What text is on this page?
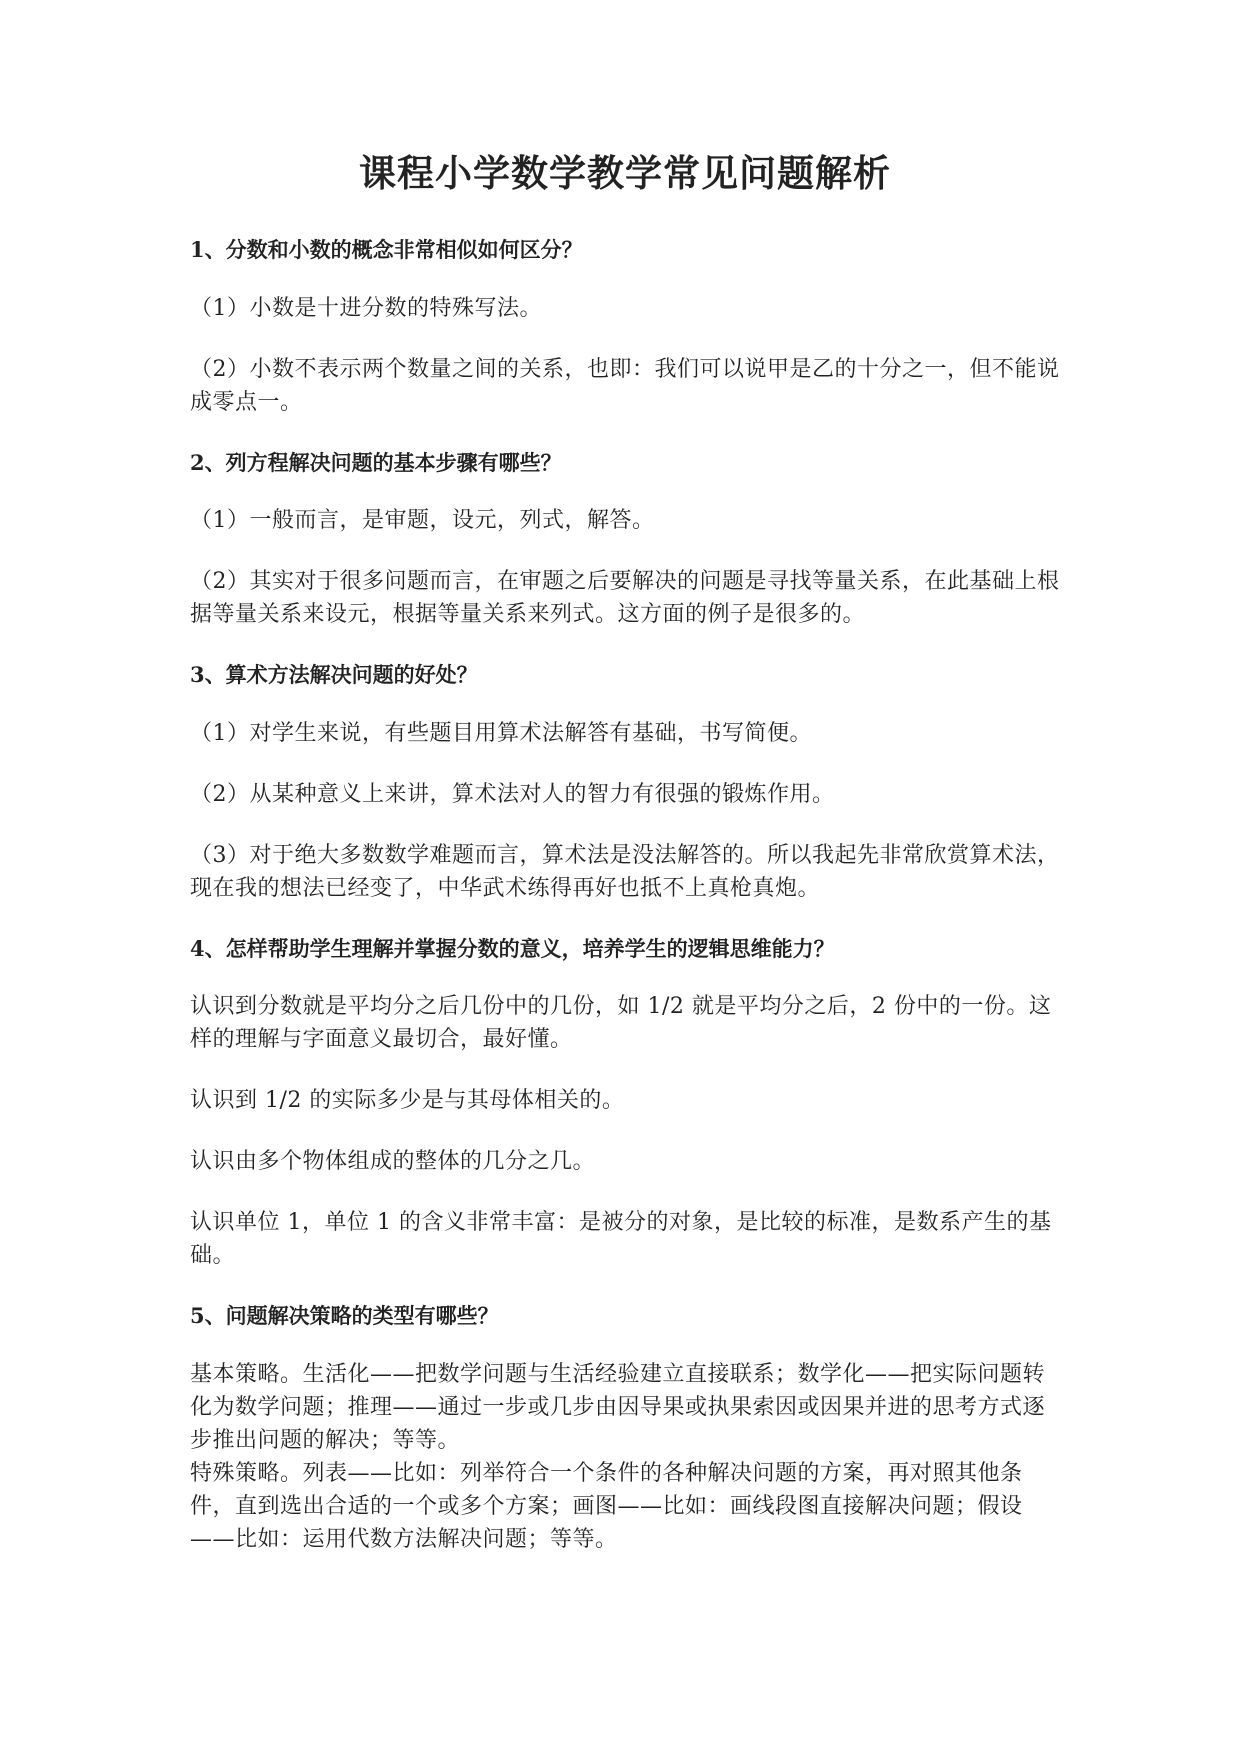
课程小学数学教学常见问题解析
1、分数和小数的概念非常相似如何区分？
（1）小数是十进分数的特殊写法。
（2）小数不表示两个数量之间的关系，也即：我们可以说甲是乙的十分之一，但不能说成零点一。
2、列方程解决问题的基本步骤有哪些？
（1）一般而言，是审题，设元，列式，解答。
（2）其实对于很多问题而言，在审题之后要解决的问题是寻找等量关系，在此基础上根据等量关系来设元，根据等量关系来列式。这方面的例子是很多的。
3、算术方法解决问题的好处？
（1）对学生来说，有些题目用算术法解答有基础，书写简便。
（2）从某种意义上来讲，算术法对人的智力有很强的锻炼作用。
（3）对于绝大多数数学难题而言，算术法是没法解答的。所以我起先非常欣赏算术法，现在我的想法已经变了，中华武术练得再好也抵不上真枪真炮。
4、怎样帮助学生理解并掌握分数的意义，培养学生的逻辑思维能力？
认识到分数就是平均分之后几份中的几份，如 1/2 就是平均分之后，2 份中的一份。这样的理解与字面意义最切合，最好懂。
认识到 1/2 的实际多少是与其母体相关的。
认识由多个物体组成的整体的几分之几。
认识单位 1，单位 1 的含义非常丰富：是被分的对象，是比较的标准，是数系产生的基础。
5、问题解决策略的类型有哪些？
基本策略。生活化——把数学问题与生活经验建立直接联系；数学化——把实际问题转化为数学问题；推理——通过一步或几步由因导果或执果索因或因果并进的思考方式逐步推出问题的解决；等等。
特殊策略。列表——比如：列举符合一个条件的各种解决问题的方案，再对照其他条件，直到选出合适的一个或多个方案；画图——比如：画线段图直接解决问题；假设——比如：运用代数方法解决问题；等等。
